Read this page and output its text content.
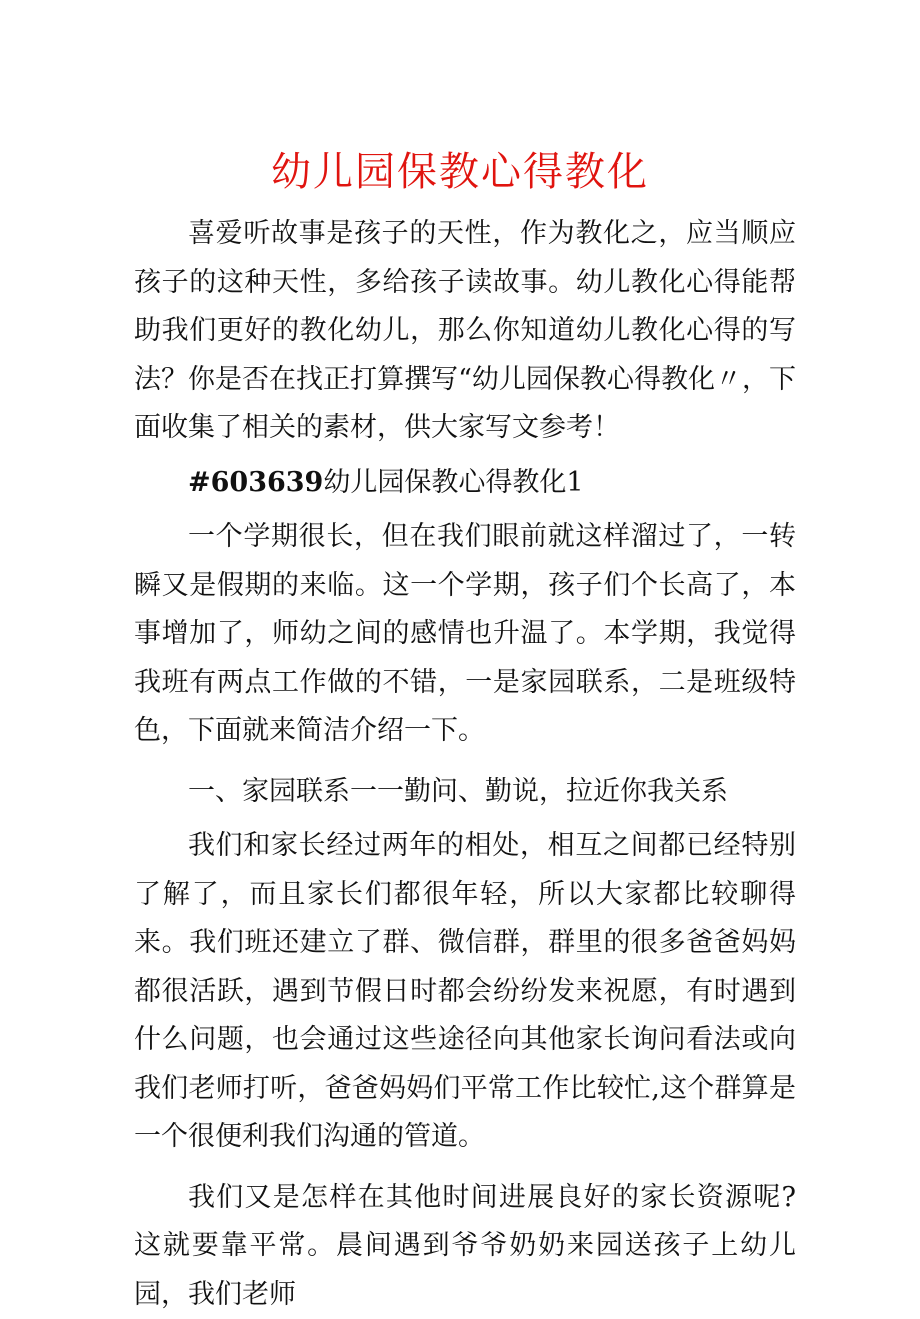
幼儿园保教心得教化

喜爱听故事是孩子的天性，作为教化之，应当顺应孩子的这种天性，多给孩子读故事。幼儿教化心得能帮助我们更好的教化幼儿，那么你知道幼儿教化心得的写法？你是否在找正打算撰写“幼儿园保教心得教化〃，下面收集了相关的素材，供大家写文参考！

#603639幼儿园保教心得教化1

一个学期很长，但在我们眼前就这样溜过了，一转瞬又是假期的来临。这一个学期，孩子们个长高了，本事增加了，师幼之间的感情也升温了。本学期，我觉得我班有两点工作做的不错，一是家园联系，二是班级特色，下面就来简洁介绍一下。

一、家园联系一一勤问、勤说，拉近你我关系

我们和家长经过两年的相处，相互之间都已经特别了解了，而且家长们都很年轻，所以大家都比较聊得来。我们班还建立了群、微信群，群里的很多爸爸妈妈都很活跃，遇到节假日时都会纷纷发来祝愿，有时遇到什么问题，也会通过这些途径向其他家长询问看法或向我们老师打听，爸爸妈妈们平常工作比较忙,这个群算是一个很便利我们沟通的管道。

我们又是怎样在其他时间进展良好的家长资源呢?这就要靠平常。晨间遇到爷爷奶奶来园送孩子上幼儿园，我们老师
